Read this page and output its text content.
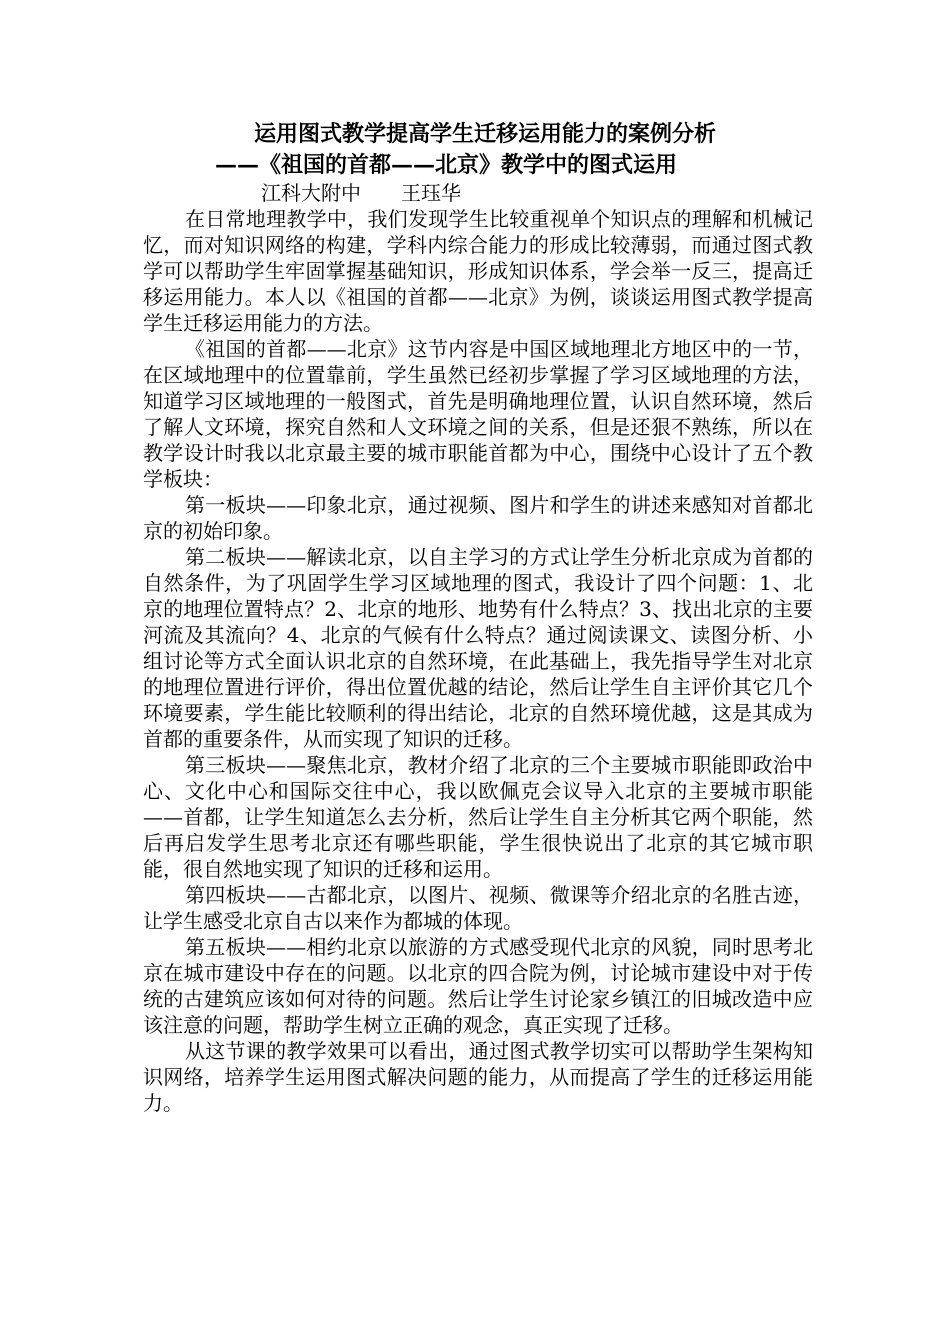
运用图式教学提高学生迁移运用能力的案例分析

——《祖国的首都——北京》教学中的图式运用

江科大附中 王珏华

在日常地理教学中，我们发现学生比较重视单个知识点的理解和机械记忆，而对知识网络的构建，学科内综合能力的形成比较薄弱，而通过图式教学可以帮助学生牢固掌握基础知识，形成知识体系，学会举一反三，提高迁移运用能力。本人以《祖国的首都——北京》为例，谈谈运用图式教学提高学生迁移运用能力的方法。

《祖国的首都——北京》这节内容是中国区域地理北方地区中的一节，在区域地理中的位置靠前，学生虽然已经初步掌握了学习区域地理的方法，知道学习区域地理的一般图式，首先是明确地理位置，认识自然环境，然后了解人文环境，探究自然和人文环境之间的关系，但是还狠不熟练，所以在教学设计时我以北京最主要的城市职能首都为中心，围绕中心设计了五个教学板块：

第一板块——印象北京，通过视频、图片和学生的讲述来感知对首都北京的初始印象。

第二板块——解读北京，以自主学习的方式让学生分析北京成为首都的自然条件，为了巩固学生学习区域地理的图式，我设计了四个问题：1、北京的地理位置特点？2、北京的地形、地势有什么特点？3、找出北京的主要河流及其流向？4、北京的气候有什么特点？通过阅读课文、读图分析、小组讨论等方式全面认识北京的自然环境，在此基础上，我先指导学生对北京的地理位置进行评价，得出位置优越的结论，然后让学生自主评价其它几个环境要素，学生能比较顺利的得出结论，北京的自然环境优越，这是其成为首都的重要条件，从而实现了知识的迁移。

第三板块——聚焦北京，教材介绍了北京的三个主要城市职能即政治中心、文化中心和国际交往中心，我以欧佩克会议导入北京的主要城市职能——首都，让学生知道怎么去分析，然后让学生自主分析其它两个职能，然后再启发学生思考北京还有哪些职能，学生很快说出了北京的其它城市职能，很自然地实现了知识的迁移和运用。

第四板块——古都北京，以图片、视频、微课等介绍北京的名胜古迹，让学生感受北京自古以来作为都城的体现。

第五板块——相约北京以旅游的方式感受现代北京的风貌，同时思考北京在城市建设中存在的问题。以北京的四合院为例，讨论城市建设中对于传统的古建筑应该如何对待的问题。然后让学生讨论家乡镇江的旧城改造中应该注意的问题，帮助学生树立正确的观念，真正实现了迁移。

从这节课的教学效果可以看出，通过图式教学切实可以帮助学生架构知识网络，培养学生运用图式解决问题的能力，从而提高了学生的迁移运用能力。
